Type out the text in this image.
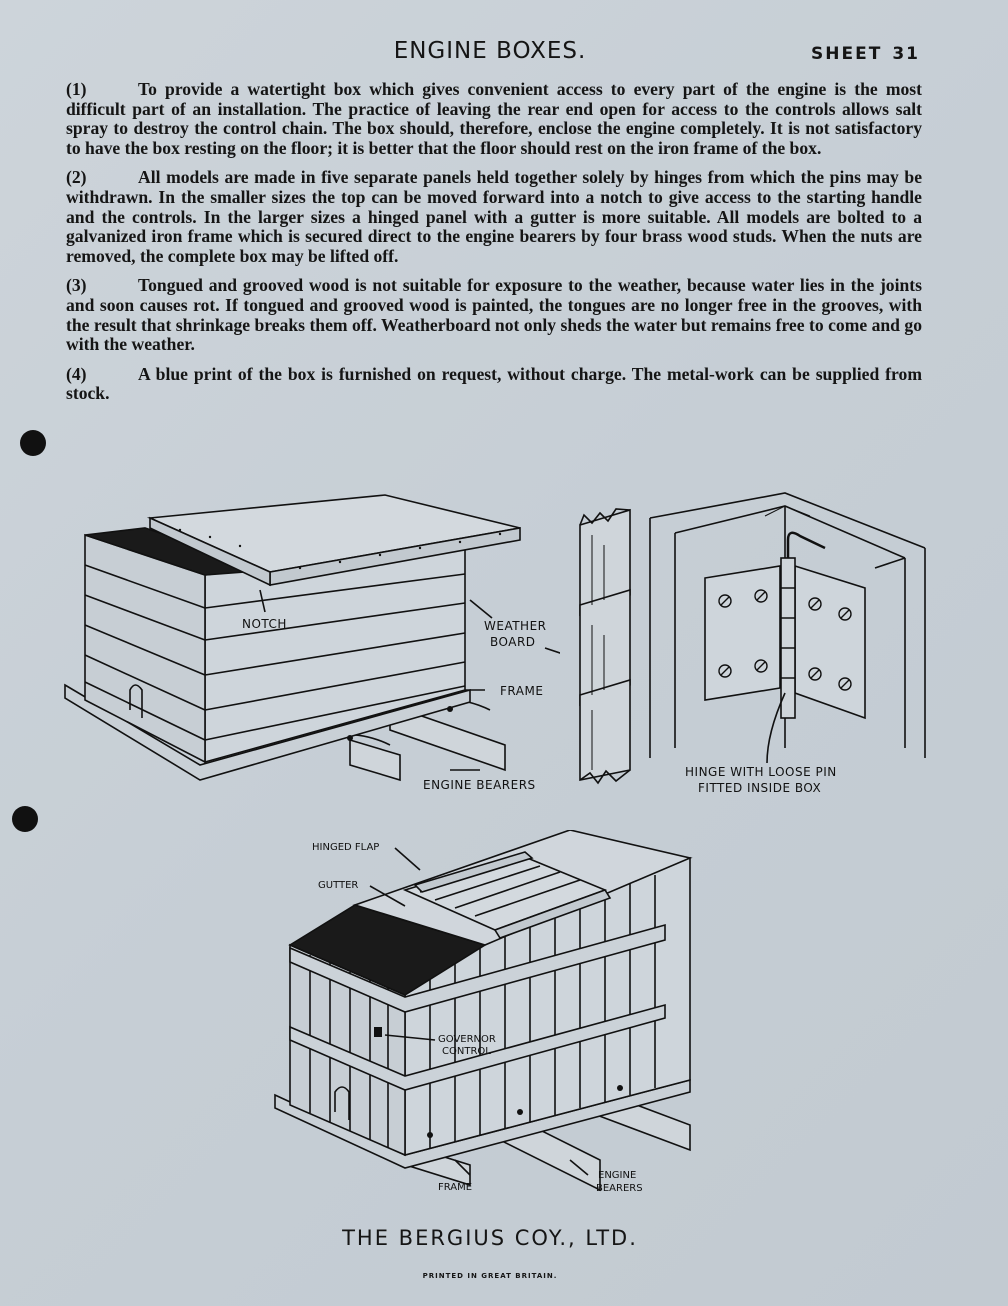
ENGINE BOXES.	SHEET 31

(1)	To provide a watertight box which gives convenient access to every part of the engine is the most difficult part of an installation. The practice of leaving the rear end open for access to the controls allows salt spray to destroy the control chain. The box should, therefore, enclose the engine completely. It is not satisfactory to have the box resting on the floor; it is better that the floor should rest on the iron frame of the box.

(2)	All models are made in five separate panels held together solely by hinges from which the pins may be withdrawn. In the smaller sizes the top can be moved forward into a notch to give access to the starting handle and the controls. In the larger sizes a hinged panel with a gutter is more suitable. All models are bolted to a galvanized iron frame which is secured direct to the engine bearers by four brass wood studs. When the nuts are removed, the complete box may be lifted off.

(3)	Tongued and grooved wood is not suitable for exposure to the weather, because water lies in the joints and soon causes rot. If tongued and grooved wood is painted, the tongues are no longer free in the grooves, with the result that shrinkage breaks them off. Weatherboard not only sheds the water but remains free to come and go with the weather.

(4)	A blue print of the box is furnished on request, without charge. The metal-work can be supplied from stock.

NOTCH	WEATHER
BOARD
FRAME
ENGINE BEARERS
HINGE WITH LOOSE PIN
FITTED INSIDE BOX
HINGED FLAP
GUTTER
GOVERNOR
CONTROL
FRAME
ENGINE
BEARERS
THE BERGIUS COY., LTD.
PRINTED IN GREAT BRITAIN.
